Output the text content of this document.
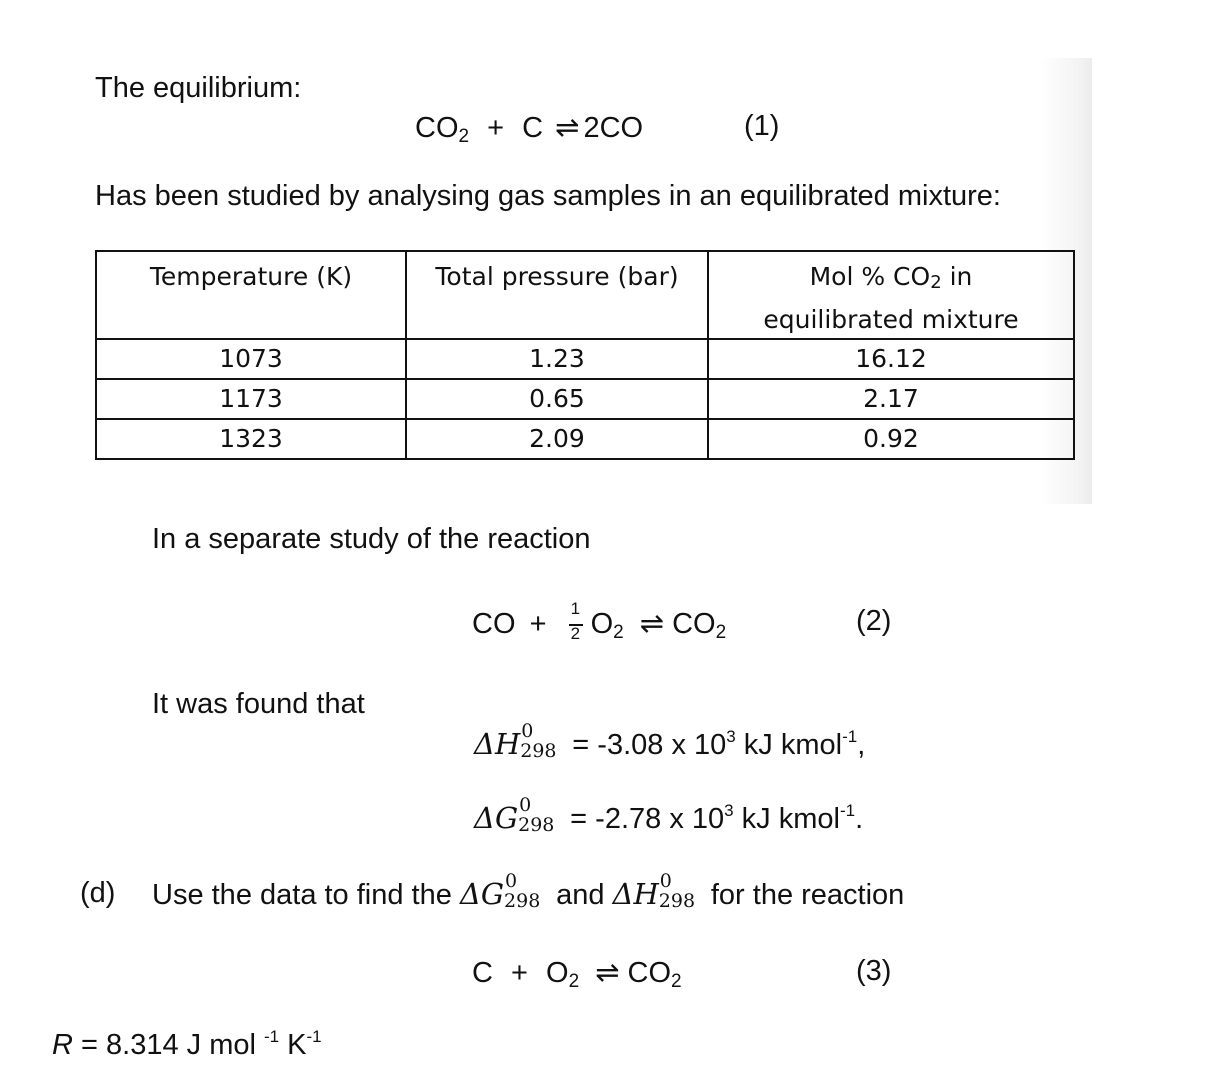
The equilibrium:
$CO_2 + C$ ⇌ 2CO	(1)
Has been studied by analysing gas samples in an equilibrated mixture:
Temperature (K)	Total pressure (bar)	Mol % CO2 in
equilibrated mixture
1073	1.23	16.12
1173	0.65	2.17
1323	2.09	0.92
In a separate study of the reaction
CO + $\frac{1}{2} O_2$ ⇌ $CO_2$	(2)
It was found that
ΔH 0
298 = -3.08 x $10^3$ kJ kmol$^{-1}$,
ΔG 0
298 = -2.78 x $10^3$ kJ kmol$^{-1}$.
(d) Use the data to find the ΔG 0
298 and ΔH 0
298 for the reaction
$C + O_2$ ⇌ $CO_2$	(3)
R = 8.314 J mol $^{-1}$ $K^{-1}$
